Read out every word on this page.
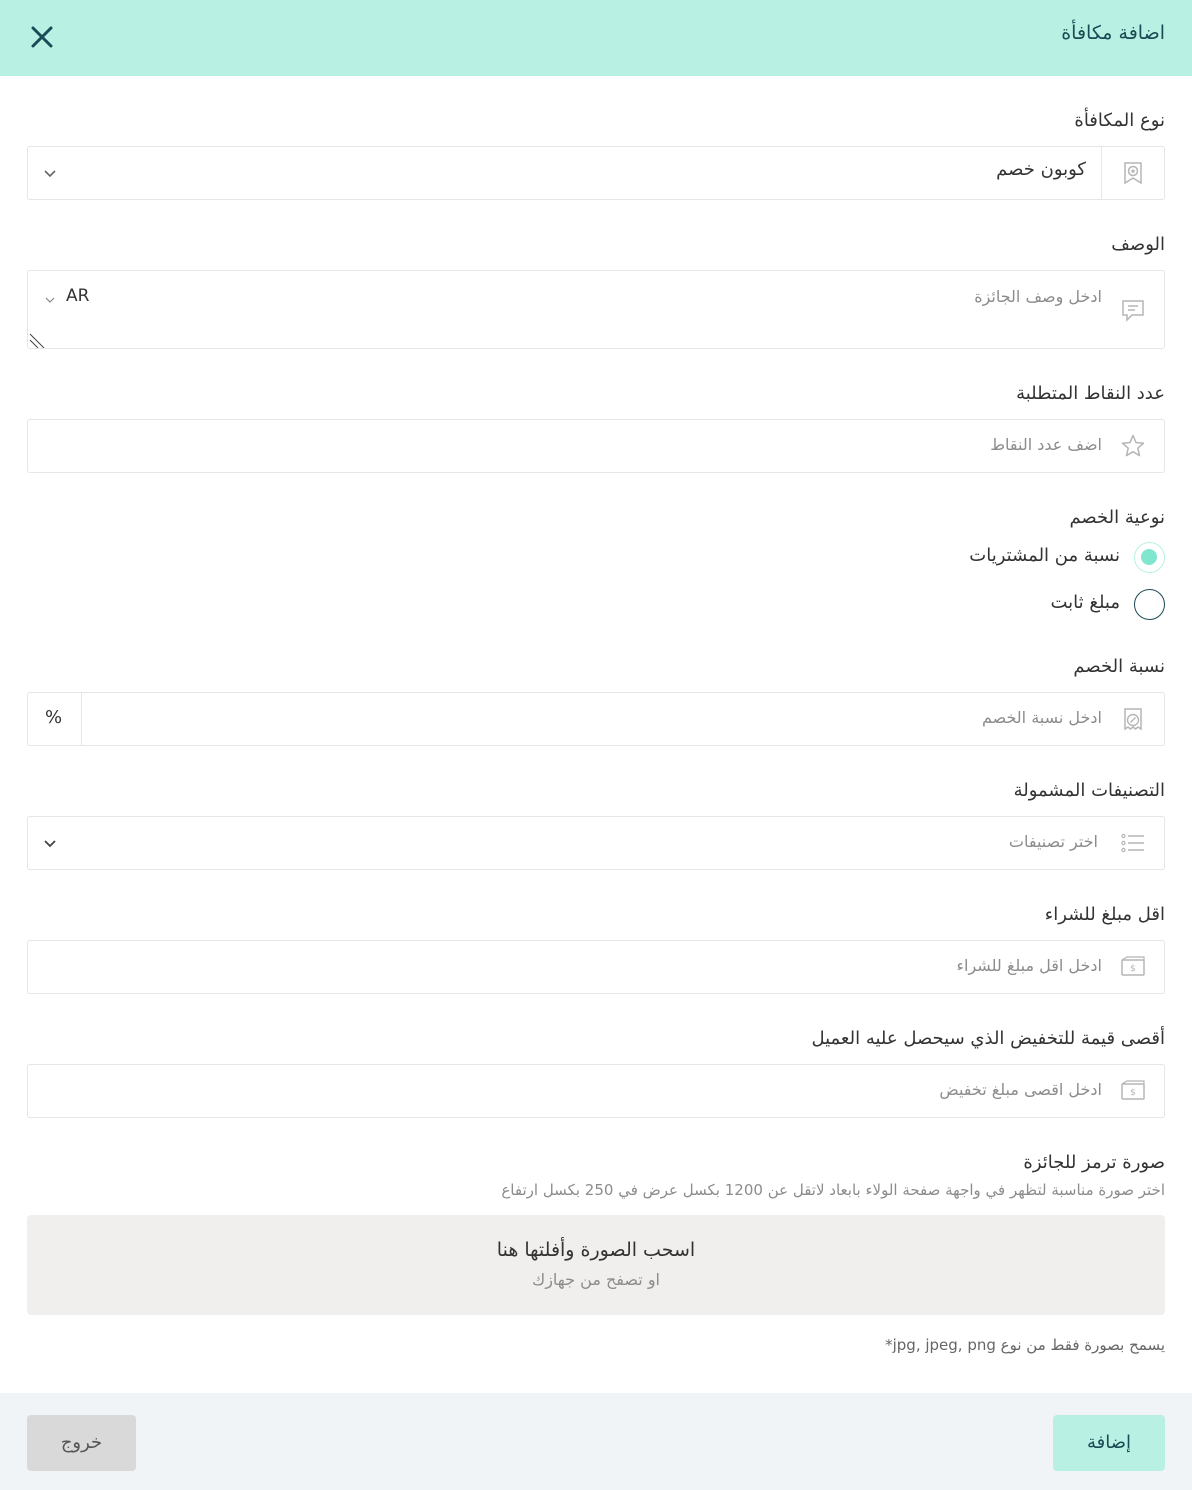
اضافة مكافأة
نوع المكافأة
كوبون خصم
الوصف
ادخل وصف الجائزة
AR
عدد النقاط المتطلبة
اضف عدد النقاط
نوعية الخصم
نسبة من المشتريات
مبلغ ثابت
نسبة الخصم
ادخل نسبة الخصم
%
التصنيفات المشمولة
اختر تصنيفات
اقل مبلغ للشراء
$
ادخل اقل مبلغ للشراء
أقصى قيمة للتخفيض الذي سيحصل عليه العميل
$
ادخل اقصى مبلغ تخفيض
صورة ترمز للجائزة
اختر صورة مناسبة لتظهر في واجهة صفحة الولاء بابعاد لاتقل عن 1200 بكسل عرض في 250 بكسل ارتفاع
اسحب الصورة وأفلتها هنا
او تصفح من جهازك
يسمح بصورة فقط من نوع jpg, jpeg, png*
إضافة
خروج
